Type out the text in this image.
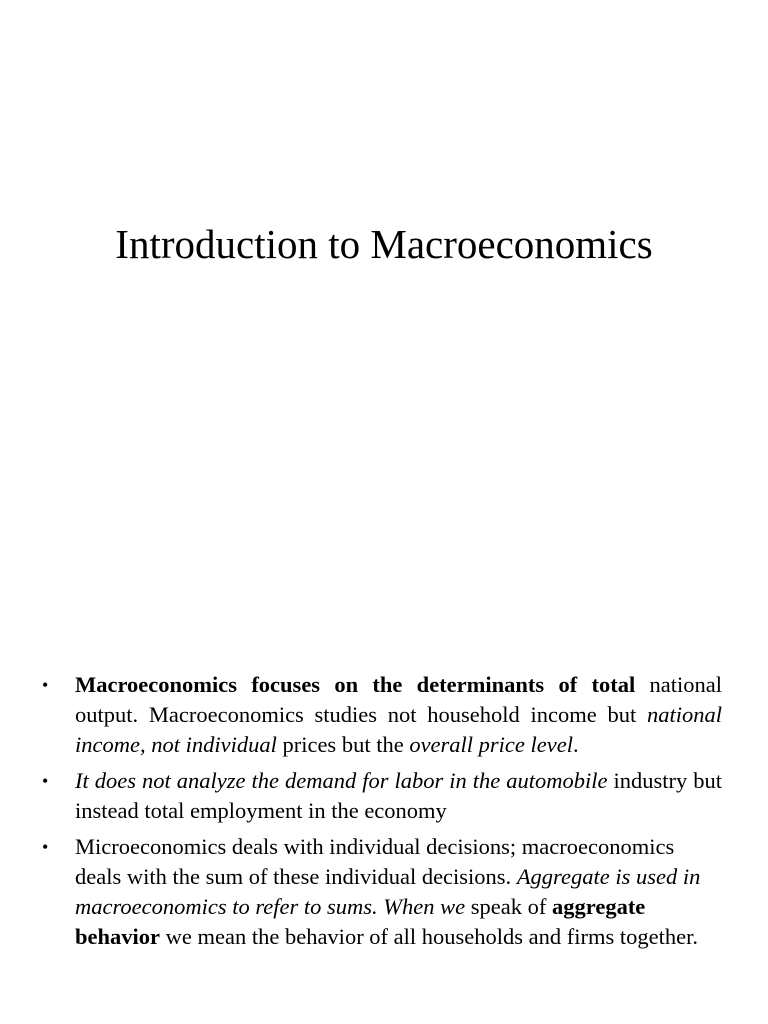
Introduction to Macroeconomics
• Macroeconomics focuses on the determinants of total national output. Macroeconomics studies not household income but national income, not individual prices but the overall price level.
• It does not analyze the demand for labor in the automobile industry but instead total employment in the economy
• Microeconomics deals with individual decisions; macroeconomics deals with the sum of these individual decisions. Aggregate is used in macroeconomics to refer to sums. When we speak of aggregate behavior we mean the behavior of all households and firms together.
